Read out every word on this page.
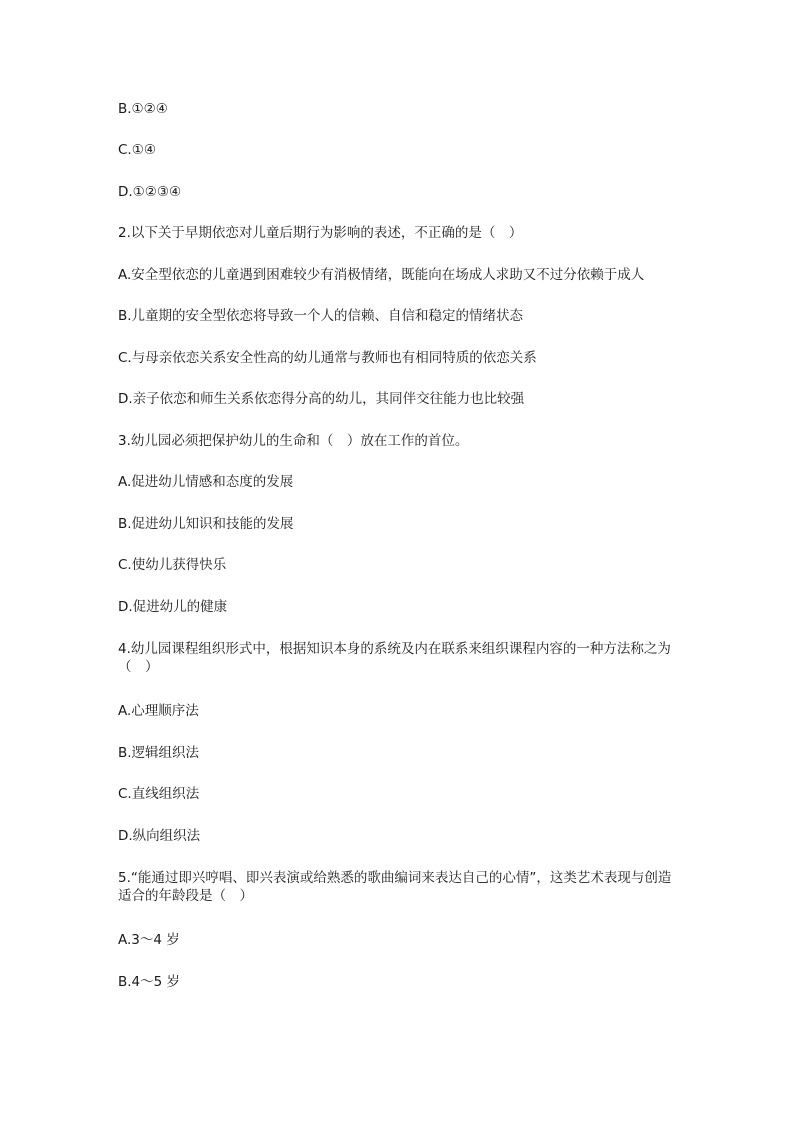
B.①②④
C.①④
D.①②③④
2.以下关于早期依恋对儿童后期行为影响的表述，不正确的是（　）
A.安全型依恋的儿童遇到困难较少有消极情绪，既能向在场成人求助又不过分依赖于成人
B.儿童期的安全型依恋将导致一个人的信赖、自信和稳定的情绪状态
C.与母亲依恋关系安全性高的幼儿通常与教师也有相同特质的依恋关系
D.亲子依恋和师生关系依恋得分高的幼儿，其同伴交往能力也比较强
3.幼儿园必须把保护幼儿的生命和（　）放在工作的首位。
A.促进幼儿情感和态度的发展
B.促进幼儿知识和技能的发展
C.使幼儿获得快乐
D.促进幼儿的健康
4.幼儿园课程组织形式中，根据知识本身的系统及内在联系来组织课程内容的一种方法称之为（　）
A.心理顺序法
B.逻辑组织法
C.直线组织法
D.纵向组织法
5.“能通过即兴哼唱、即兴表演或给熟悉的歌曲编词来表达自己的心情”，这类艺术表现与创造适合的年龄段是（　）
A.3～4 岁
B.4～5 岁
